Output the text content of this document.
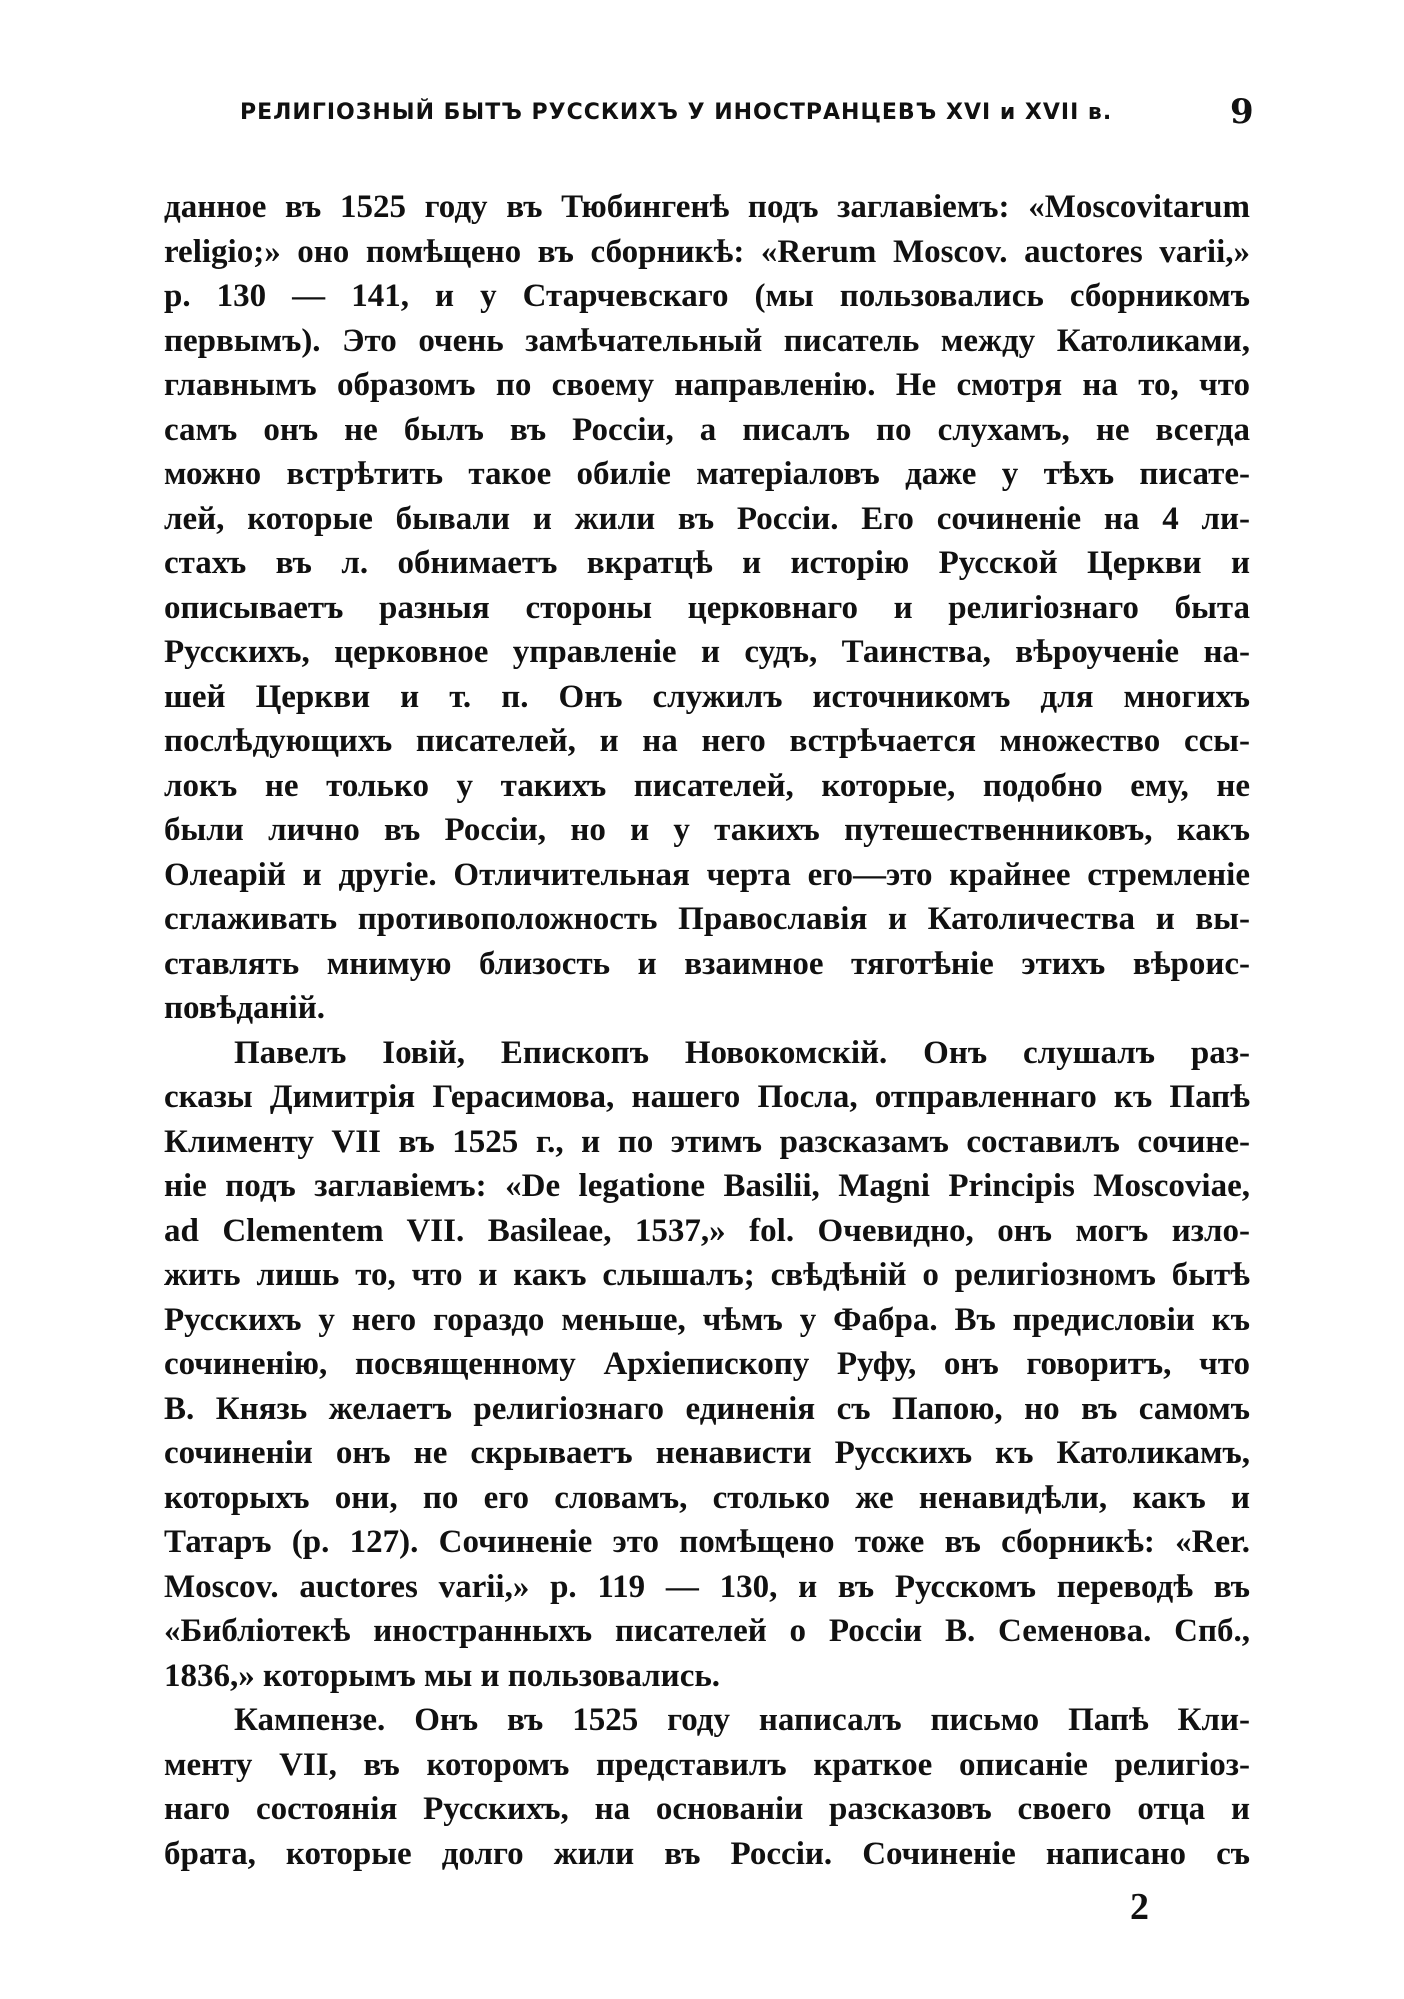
РЕЛИГІОЗНЫЙ БЫТЪ РУССКИХЪ У ИНОСТРАНЦЕВЪ XVI и XVII в.	9
данное въ 1525 году въ Тюбингенѣ подъ заглавіемъ: «Moscovitarum
religio;» оно помѣщено въ сборникѣ: «Rerum Moscov. auctores varii,»
p. 130 — 141, и у Старчевскаго (мы пользовались сборникомъ
первымъ). Это очень замѣчательный писатель между Католиками,
главнымъ образомъ по своему направленію. Не смотря на то, что
самъ онъ не былъ въ Россіи, а писалъ по слухамъ, не всегда
можно встрѣтить такое обиліе матеріаловъ даже у тѣхъ писате-
лей, которые бывали и жили въ Россіи. Его сочиненіе на 4 ли-
стахъ въ л. обнимаетъ вкратцѣ и исторію Русской Церкви и
описываетъ разныя стороны церковнаго и религіознаго быта
Русскихъ, церковное управленіе и судъ, Таинства, вѣроученіе на-
шей Церкви и т. п. Онъ служилъ источникомъ для многихъ
послѣдующихъ писателей, и на него встрѣчается множество ссы-
локъ не только у такихъ писателей, которые, подобно ему, не
были лично въ Россіи, но и у такихъ путешественниковъ, какъ
Олеарій и другіе. Отличительная черта его—это крайнее стремленіе
сглаживать противоположность Православія и Католичества и вы-
ставлять мнимую близость и взаимное тяготѣніе этихъ вѣроис-
повѣданій.
Павелъ Іовій, Епископъ Новокомскій. Онъ слушалъ раз-
сказы Димитрія Герасимова, нашего Посла, отправленнаго къ Папѣ
Клименту VII въ 1525 г., и по этимъ разсказамъ составилъ сочине-
ніе подъ заглавіемъ: «De legatione Basilii, Magni Principis Moscoviae,
ad Clementem VII. Basileae, 1537,» fol. Очевидно, онъ могъ изло-
жить лишь то, что и какъ слышалъ; свѣдѣній о религіозномъ бытѣ
Русскихъ у него гораздо меньше, чѣмъ у Фабра. Въ предисловіи къ
сочиненію, посвященному Архіепископу Руфу, онъ говоритъ, что
В. Князь желаетъ религіознаго единенія съ Папою, но въ самомъ
сочиненіи онъ не скрываетъ ненависти Русскихъ къ Католикамъ,
которыхъ они, по его словамъ, столько же ненавидѣли, какъ и
Татаръ (p. 127). Сочиненіе это помѣщено тоже въ сборникѣ: «Rer.
Moscov. auctores varii,» p. 119 — 130, и въ Русскомъ переводѣ въ
«Библіотекѣ иностранныхъ писателей о Россіи В. Семенова. Спб.,
1836,» которымъ мы и пользовались.
Кампензе. Онъ въ 1525 году написалъ письмо Папѣ Кли-
менту VII, въ которомъ представилъ краткое описаніе религіоз-
наго состоянія Русскихъ, на основаніи разсказовъ своего отца и
брата, которые долго жили въ Россіи. Сочиненіе написано съ
2
